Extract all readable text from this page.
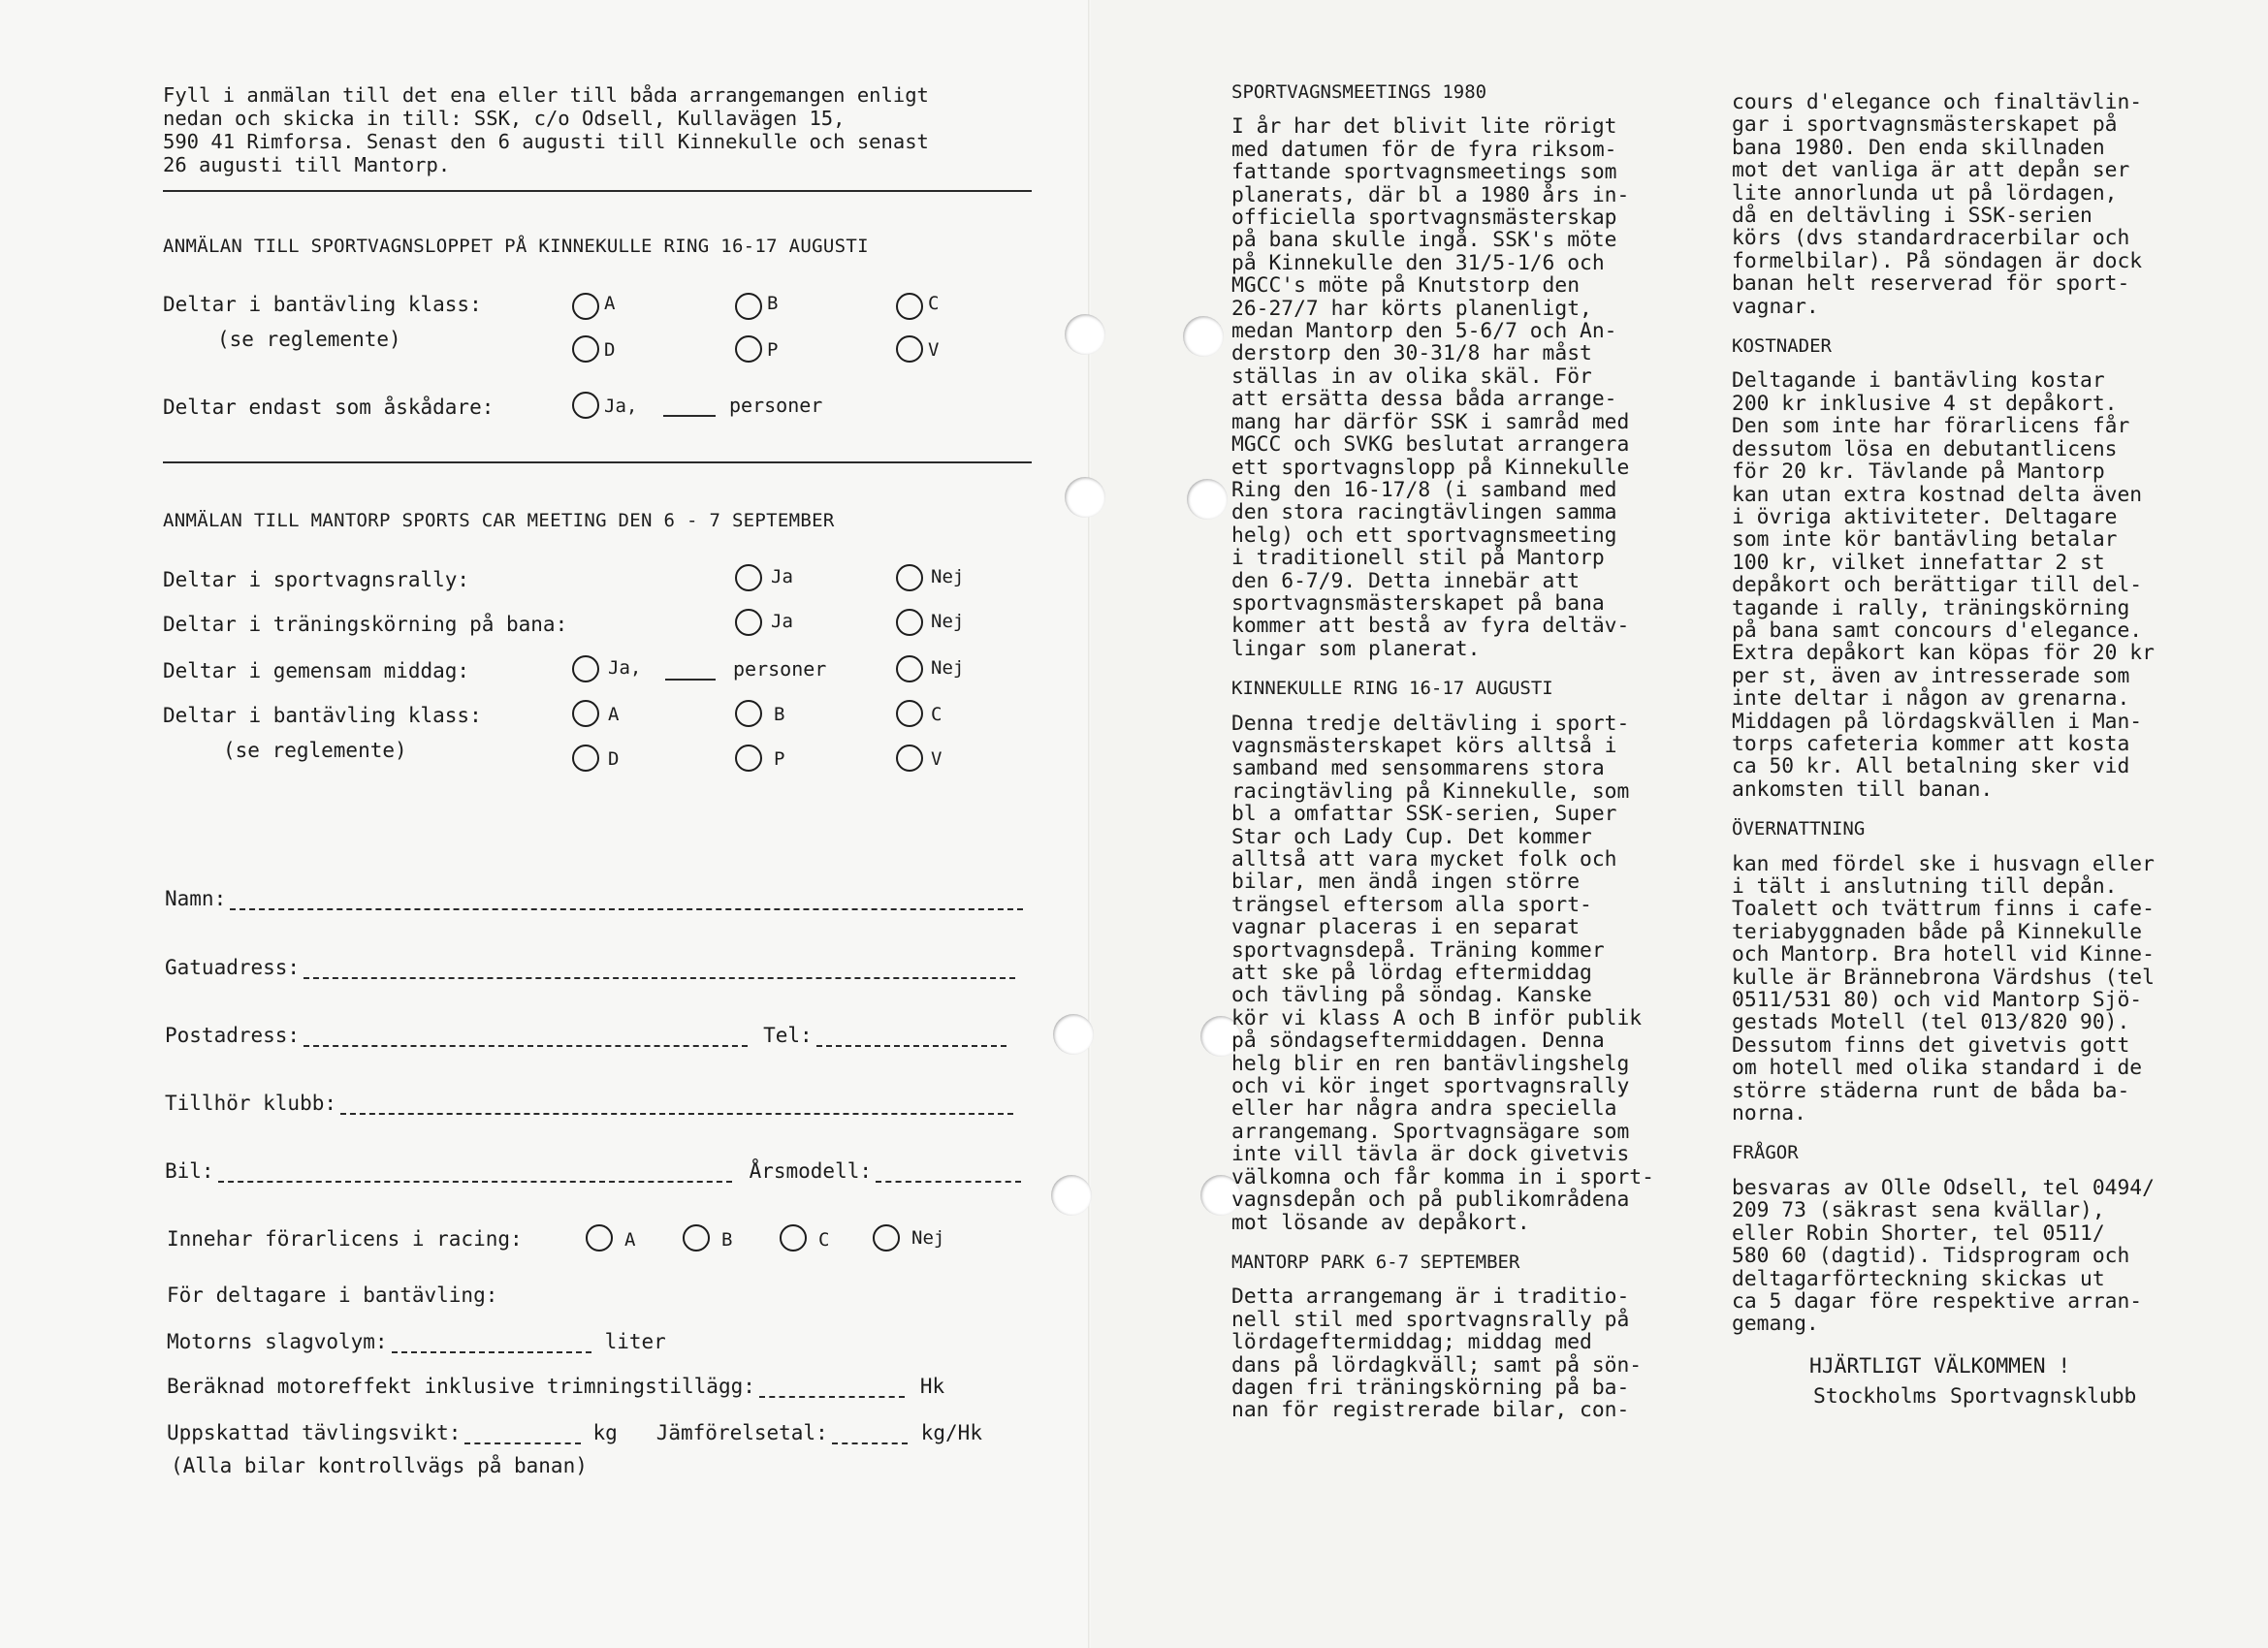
Fyll i anmälan till det ena eller till båda arrangemangen enligt
nedan och skicka in till: SSK, c/o Odsell, Kullavägen 15,
590 41 Rimforsa. Senast den 6 augusti till Kinnekulle och senast
26 augusti till Mantorp.
ANMÄLAN TILL SPORTVAGNSLOPPET PÅ KINNEKULLE RING 16-17 AUGUSTI
Deltar i bantävling klass:
(se reglemente)
A	B	C
D	P	V
Deltar endast som åskådare:	Ja,	personer
ANMÄLAN TILL MANTORP SPORTS CAR MEETING DEN 6 - 7 SEPTEMBER
Deltar i sportvagnsrally:	Ja	Nej
Deltar i träningskörning på bana:	Ja	Nej
Deltar i gemensam middag:	Ja,	personer	Nej
Deltar i bantävling klass:
(se reglemente)
A	B	C
D	P	V
Namn:
Gatuadress:
Postadress:	Tel:
Tillhör klubb:
Bil:	Årsmodell:
Innehar förarlicens i racing:	A	B	C	Nej
För deltagare i bantävling:
Motorns slagvolym:	liter
Beräknad motoreffekt inklusive trimningstillägg:	Hk
Uppskattad tävlingsvikt:	kg Jämförelsetal:	kg/Hk
(Alla bilar kontrollvägs på banan)
SPORTVAGNSMEETINGS 1980
I år har det blivit lite rörigt
med datumen för de fyra riksom-
fattande sportvagnsmeetings som
planerats, där bl a 1980 års in-
officiella sportvagnsmästerskap
på bana skulle ingå. SSK's möte
på Kinnekulle den 31/5-1/6 och
MGCC's möte på Knutstorp den
26-27/7 har körts planenligt,
medan Mantorp den 5-6/7 och An-
derstorp den 30-31/8 har måst
ställas in av olika skäl. För
att ersätta dessa båda arrange-
mang har därför SSK i samråd med
MGCC och SVKG beslutat arrangera
ett sportvagnslopp på Kinnekulle
Ring den 16-17/8 (i samband med
den stora racingtävlingen samma
helg) och ett sportvagnsmeeting
i traditionell stil på Mantorp
den 6-7/9. Detta innebär att
sportvagnsmästerskapet på bana
kommer att bestå av fyra deltäv-
lingar som planerat.
KINNEKULLE RING 16-17 AUGUSTI
Denna tredje deltävling i sport-
vagnsmästerskapet körs alltså i
samband med sensommarens stora
racingtävling på Kinnekulle, som
bl a omfattar SSK-serien, Super
Star och Lady Cup. Det kommer
alltså att vara mycket folk och
bilar, men ändå ingen större
trängsel eftersom alla sport-
vagnar placeras i en separat
sportvagnsdepå. Träning kommer
att ske på lördag eftermiddag
och tävling på söndag. Kanske
kör vi klass A och B inför publik
på söndagseftermiddagen. Denna
helg blir en ren bantävlingshelg
och vi kör inget sportvagnsrally
eller har några andra speciella
arrangemang. Sportvagnsägare som
inte vill tävla är dock givetvis
välkomna och får komma in i sport-
vagnsdepån och på publikområdena
mot lösande av depåkort.
MANTORP PARK 6-7 SEPTEMBER
Detta arrangemang är i traditio-
nell stil med sportvagnsrally på
lördageftermiddag; middag med
dans på lördagkväll; samt på sön-
dagen fri träningskörning på ba-
nan för registrerade bilar, con-
cours d'elegance och finaltävlin-
gar i sportvagnsmästerskapet på
bana 1980. Den enda skillnaden
mot det vanliga är att depån ser
lite annorlunda ut på lördagen,
då en deltävling i SSK-serien
körs (dvs standardracerbilar och
formelbilar). På söndagen är dock
banan helt reserverad för sport-
vagnar.
KOSTNADER
Deltagande i bantävling kostar
200 kr inklusive 4 st depåkort.
Den som inte har förarlicens får
dessutom lösa en debutantlicens
för 20 kr. Tävlande på Mantorp
kan utan extra kostnad delta även
i övriga aktiviteter. Deltagare
som inte kör bantävling betalar
100 kr, vilket innefattar 2 st
depåkort och berättigar till del-
tagande i rally, träningskörning
på bana samt concours d'elegance.
Extra depåkort kan köpas för 20 kr
per st, även av intresserade som
inte deltar i någon av grenarna.
Middagen på lördagskvällen i Man-
torps cafeteria kommer att kosta
ca 50 kr. All betalning sker vid
ankomsten till banan.
ÖVERNATTNING
kan med fördel ske i husvagn eller
i tält i anslutning till depån.
Toalett och tvättrum finns i cafe-
teriabyggnaden både på Kinnekulle
och Mantorp. Bra hotell vid Kinne-
kulle är Brännebrona Värdshus (tel
0511/531 80) och vid Mantorp Sjö-
gestads Motell (tel 013/820 90).
Dessutom finns det givetvis gott
om hotell med olika standard i de
större städerna runt de båda ba-
norna.
FRÅGOR
besvaras av Olle Odsell, tel 0494/
209 73 (säkrast sena kvällar),
eller Robin Shorter, tel 0511/
580 60 (dagtid). Tidsprogram och
deltagarförteckning skickas ut
ca 5 dagar före respektive arran-
gemang.
HJÄRTLIGT VÄLKOMMEN !
Stockholms Sportvagnsklubb
